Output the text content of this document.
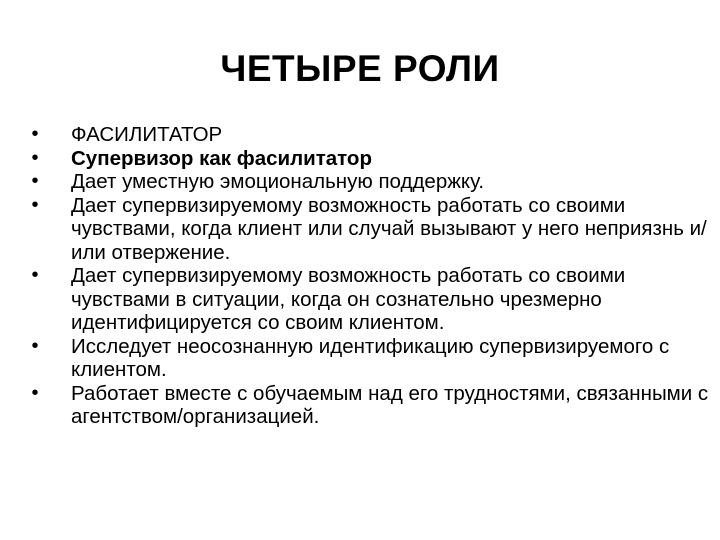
ЧЕТЫРЕ РОЛИ
• ФАСИЛИТАТОР
• Супервизор как фасилитатор
• Дает уместную эмоциональную поддержку.
• Дает супервизируемому возможность работать со своими чувствами, когда клиент или случай вызывают у него неприязнь и/или отвержение.
• Дает супервизируемому возможность работать со своими чувствами в ситуации, когда он сознательно чрезмерно идентифицируется со своим клиентом.
• Исследует неосознанную идентификацию супервизируемого с клиентом.
• Работает вместе с обучаемым над его трудностями, связанными с агентством/организацией.
